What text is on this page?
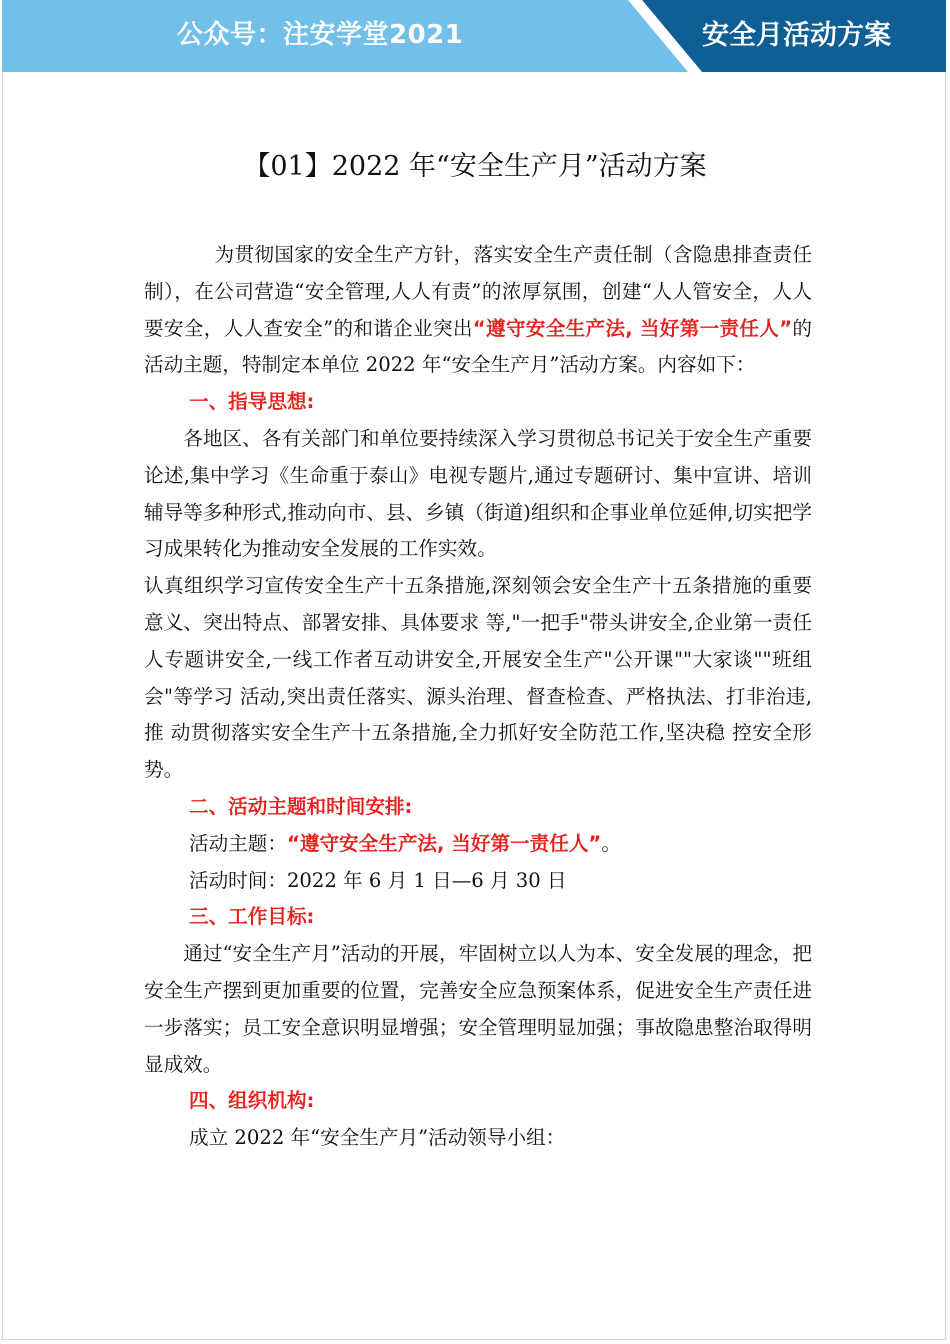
公众号：注安学堂2021	安全月活动方案
【01】2022 年“安全生产月”活动方案

为贯彻国家的安全生产方针，落实安全生产责任制（含隐患排查责任制），在公司营造“安全管理,人人有责”的浓厚氛围，创建“人人管安全，人人要安全，人人查安全”的和谐企业突出“遵守安全生产法, 当好第一责任人”的活动主题，特制定本单位 2022 年“安全生产月”活动方案。内容如下：

一、指导思想:

各地区、各有关部门和单位要持续深入学习贯彻总书记关于安全生产重要论述,集中学习《生命重于泰山》电视专题片,通过专题研讨、集中宣讲、培训辅导等多种形式,推动向市、县、乡镇（街道)组织和企事业单位延伸,切实把学习成果转化为推动安全发展的工作实效。

认真组织学习宣传安全生产十五条措施,深刻领会安全生产十五条措施的重要意义、突出特点、部署安排、具体要求 等,"一把手"带头讲安全,企业第一责任人专题讲安全,一线工作者互动讲安全,开展安全生产"公开课""大家谈""班组会"等学习 活动,突出责任落实、源头治理、督查检查、严格执法、打非治违,推 动贯彻落实安全生产十五条措施,全力抓好安全防范工作,坚决稳 控安全形势。

二、活动主题和时间安排:

活动主题：“遵守安全生产法, 当好第一责任人”。

活动时间：2022 年 6 月 1 日—6 月 30 日

三、工作目标:

通过“安全生产月”活动的开展，牢固树立以人为本、安全发展的理念，把安全生产摆到更加重要的位置，完善安全应急预案体系，促进安全生产责任进一步落实；员工安全意识明显增强；安全管理明显加强；事故隐患整治取得明显成效。

四、组织机构:

成立 2022 年“安全生产月”活动领导小组：
